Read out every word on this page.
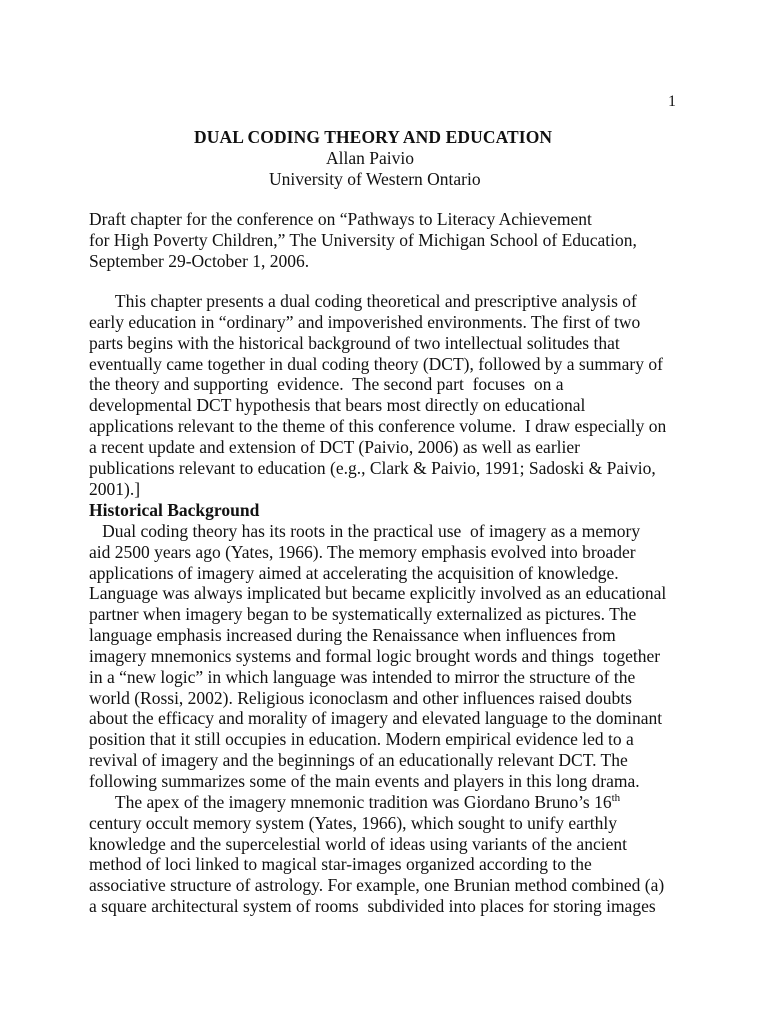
1
DUAL CODING THEORY AND EDUCATION
Allan Paivio
University of Western Ontario
Draft chapter for the conference on “Pathways to Literacy Achievement
for High Poverty Children,” The University of Michigan School of Education,
September 29-October 1, 2006.
This chapter presents a dual coding theoretical and prescriptive analysis of
early education in “ordinary” and impoverished environments. The first of two
parts begins with the historical background of two intellectual solitudes that
eventually came together in dual coding theory (DCT), followed by a summary of
the theory and supporting  evidence.  The second part  focuses  on a
developmental DCT hypothesis that bears most directly on educational
applications relevant to the theme of this conference volume.  I draw especially on
a recent update and extension of DCT (Paivio, 2006) as well as earlier
publications relevant to education (e.g., Clark & Paivio, 1991; Sadoski & Paivio,
2001).]
Historical Background
Dual coding theory has its roots in the practical use  of imagery as a memory
aid 2500 years ago (Yates, 1966). The memory emphasis evolved into broader
applications of imagery aimed at accelerating the acquisition of knowledge.
Language was always implicated but became explicitly involved as an educational
partner when imagery began to be systematically externalized as pictures. The
language emphasis increased during the Renaissance when influences from
imagery mnemonics systems and formal logic brought words and things  together
in a “new logic” in which language was intended to mirror the structure of the
world (Rossi, 2002). Religious iconoclasm and other influences raised doubts
about the efficacy and morality of imagery and elevated language to the dominant
position that it still occupies in education. Modern empirical evidence led to a
revival of imagery and the beginnings of an educationally relevant DCT. The
following summarizes some of the main events and players in this long drama.
The apex of the imagery mnemonic tradition was Giordano Bruno’s 16th
century occult memory system (Yates, 1966), which sought to unify earthly
knowledge and the supercelestial world of ideas using variants of the ancient
method of loci linked to magical star-images organized according to the
associative structure of astrology. For example, one Brunian method combined (a)
a square architectural system of rooms  subdivided into places for storing images
